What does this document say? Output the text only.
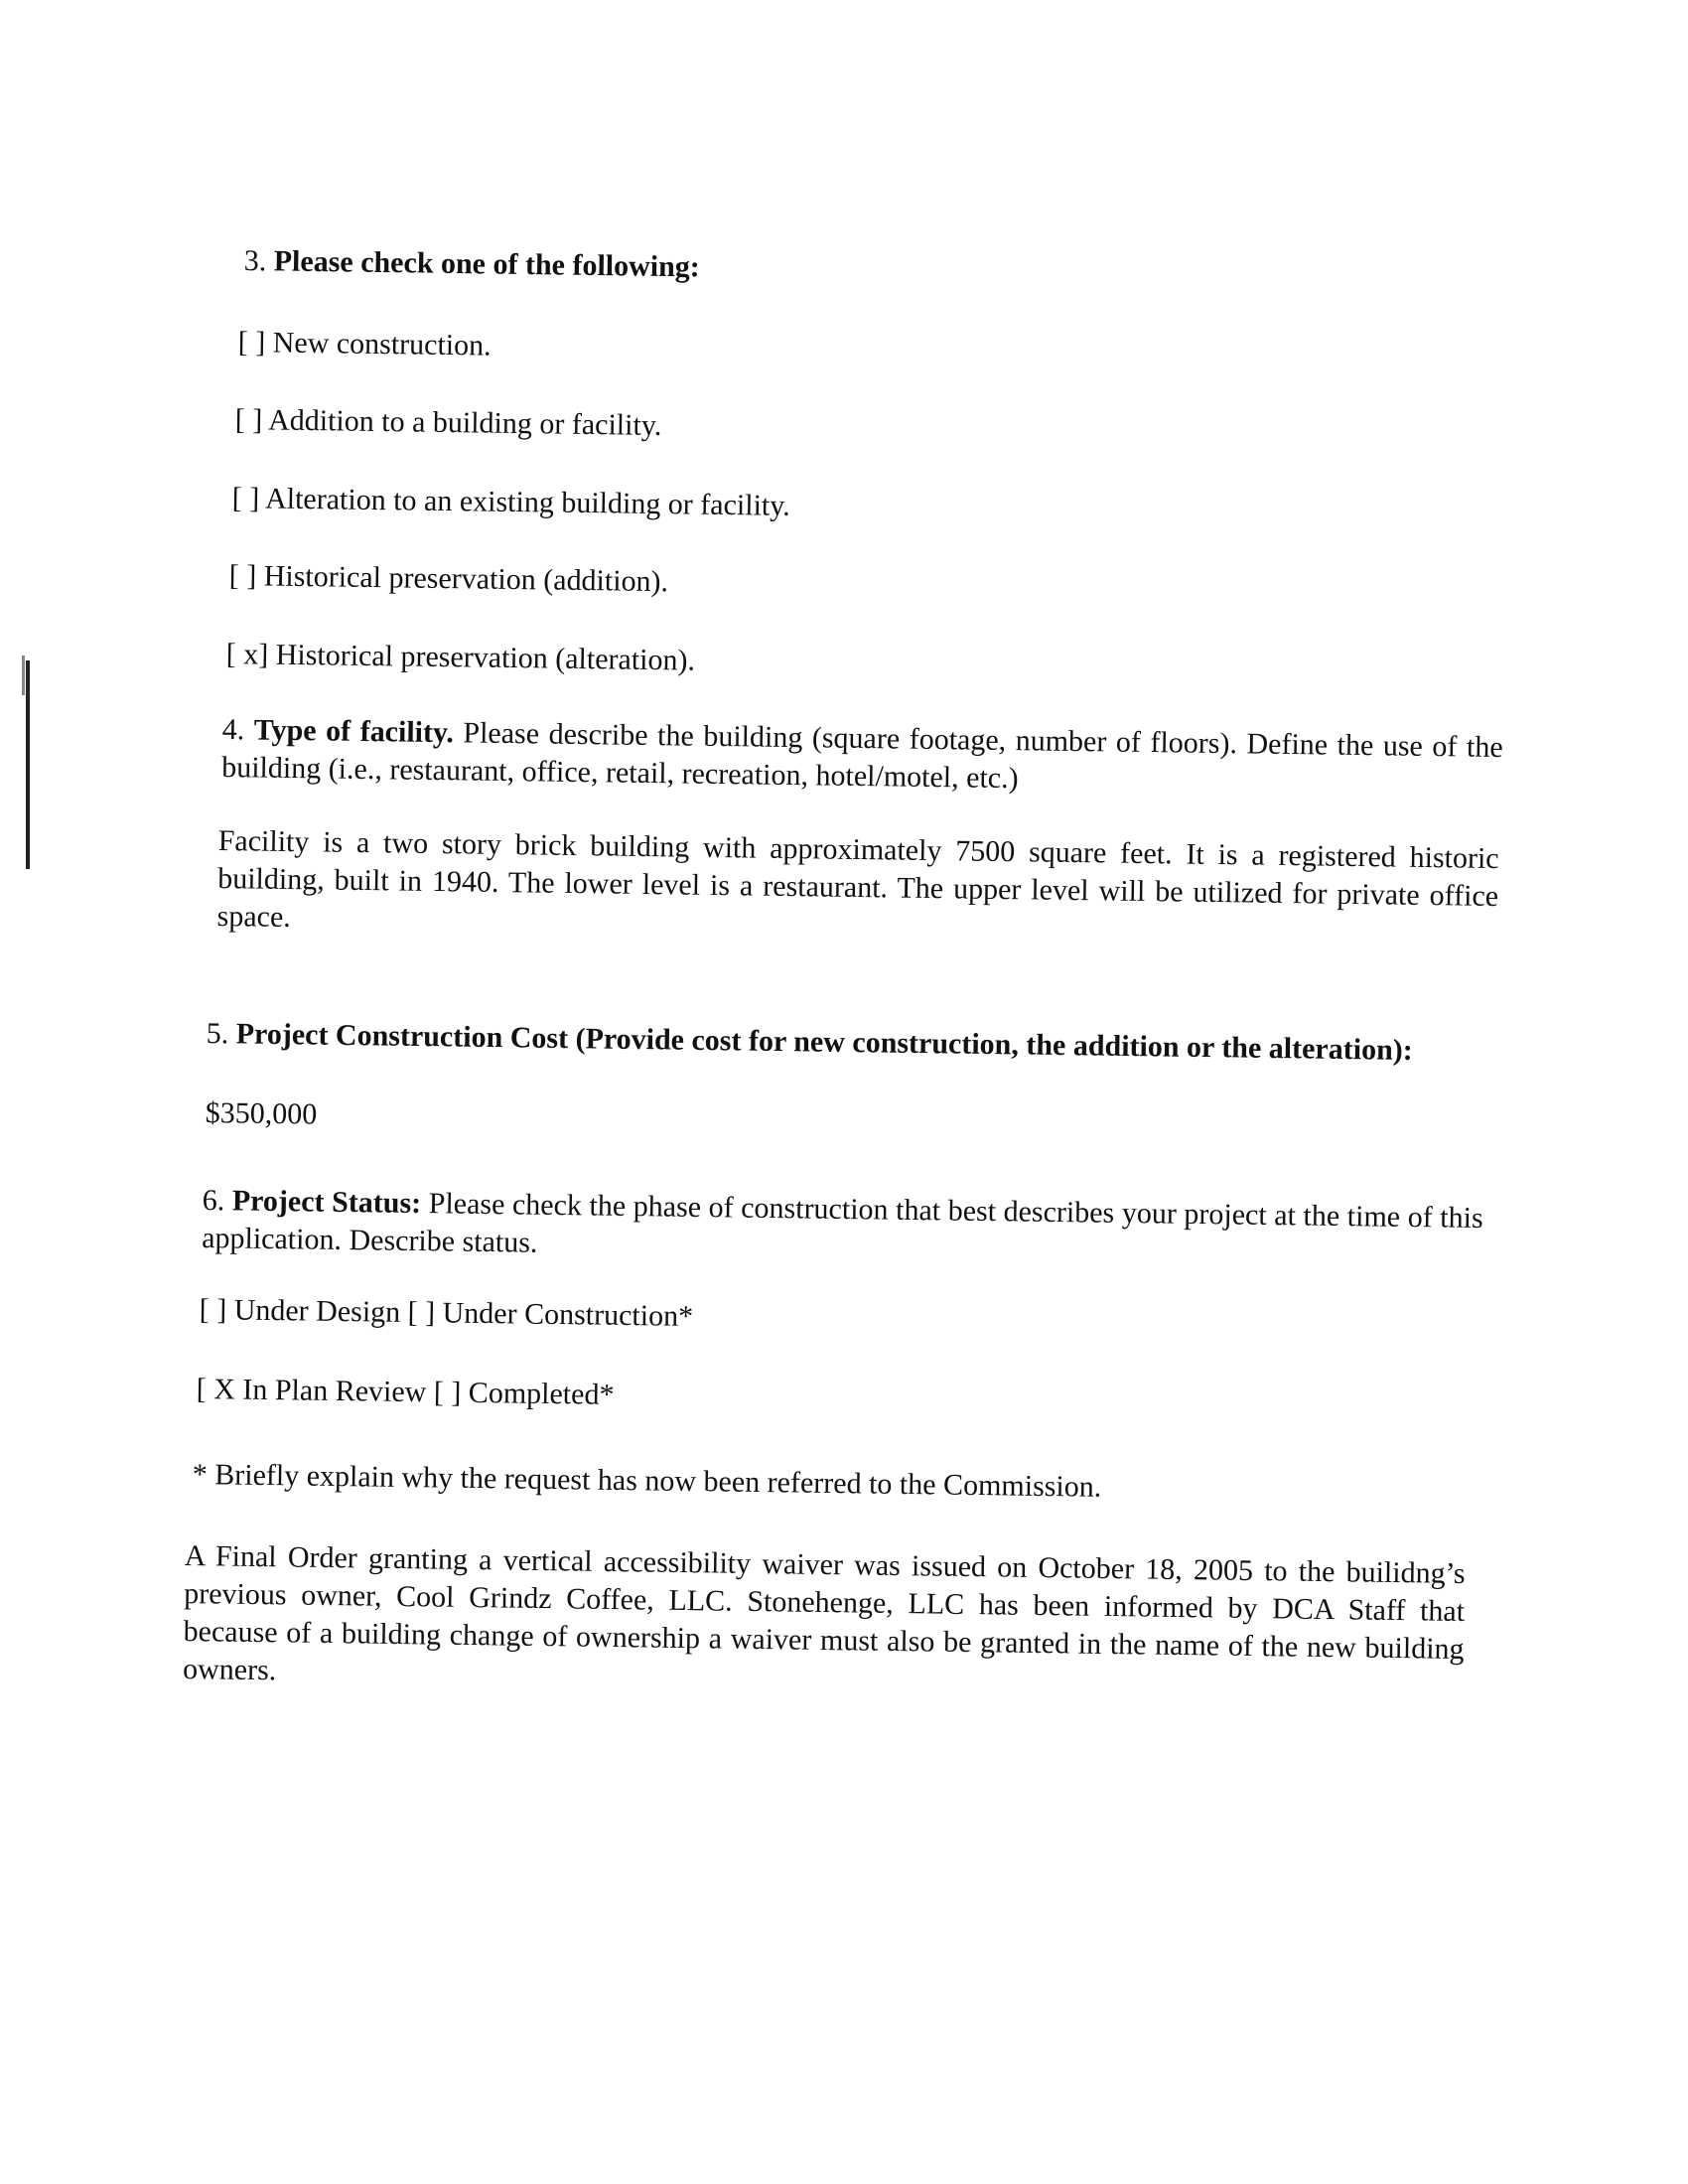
3. Please check one of the following:
[ ] New construction.
[ ] Addition to a building or facility.
[ ] Alteration to an existing building or facility.
[ ] Historical preservation (addition).
[ x] Historical preservation (alteration).
4. Type of facility. Please describe the building (square footage, number of floors). Define the use of the building (i.e., restaurant, office, retail, recreation, hotel/motel, etc.)
Facility is a two story brick building with approximately 7500 square feet. It is a registered historic building, built in 1940. The lower level is a restaurant. The upper level will be utilized for private office space.
5. Project Construction Cost (Provide cost for new construction, the addition or the alteration):
$350,000
6. Project Status: Please check the phase of construction that best describes your project at the time of this application. Describe status.
[ ] Under Design [ ] Under Construction*
[ X In Plan Review [ ] Completed*
* Briefly explain why the request has now been referred to the Commission.
A Final Order granting a vertical accessibility waiver was issued on October 18, 2005 to the builidng’s previous owner, Cool Grindz Coffee, LLC. Stonehenge, LLC has been informed by DCA Staff that because of a building change of ownership a waiver must also be granted in the name of the new building owners.
